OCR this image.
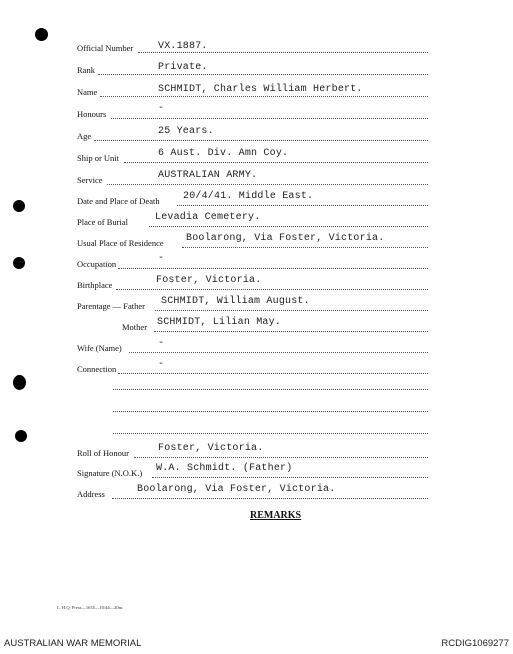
Official Number VX.1887.
Rank	Private.
Name	SCHMIDT, Charles William Herbert.
Honours	-
Age	25 Years.
Ship or Unit	6 Aust. Div. Amn Coy.
Service	AUSTRALIAN ARMY.
Date and Place of Death 20/4/41. Middle East.
Place of Burial	Levadia Cemetery.
Usual Place of Residence Boolarong, Via Foster, Victoria.
Occupation	-
Birthplace	Foster, Victoria.
Parentage — Father SCHMIDT, William August.
Mother SCHMIDT, Lilian May.
Wife (Name)	-
Connection	-
Roll of Honour	Foster, Victoria.
Signature (N.O.K.) W.A. Schmidt. (Father)
Address	Boolarong, Via Foster, Victoria.
REMARKS
L. H.Q. Press—1635—10/44—20m.
AUSTRALIAN WAR MEMORIAL	RCDIG1069277
